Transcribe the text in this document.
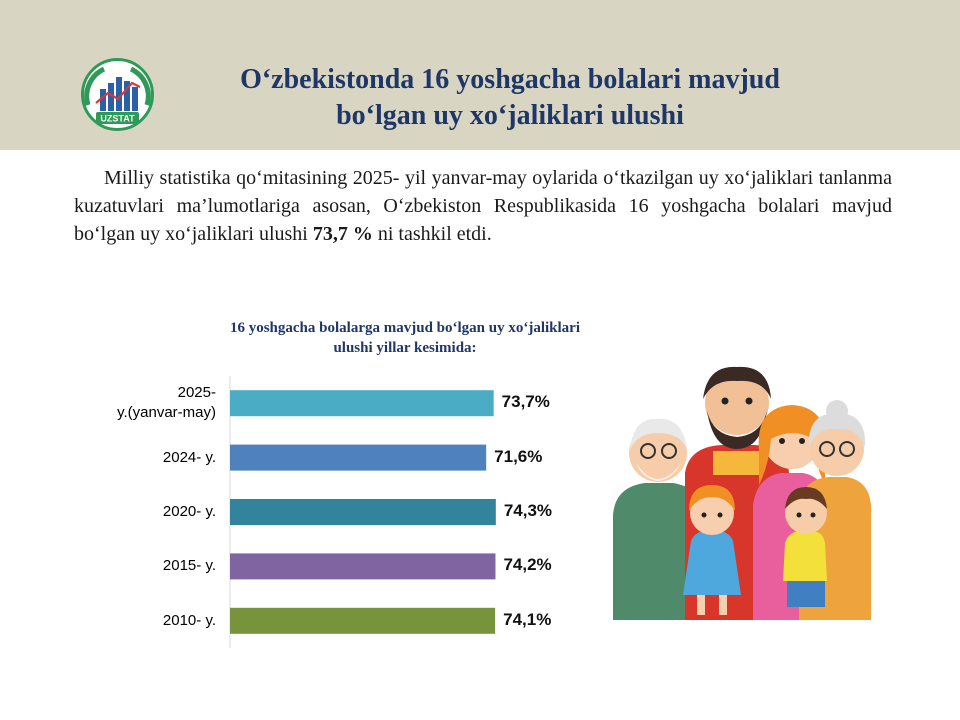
UZSTAT
O‘zbekistonda 16 yoshgacha bolalari mavjud
bo‘lgan uy xo‘jaliklari ulushi
Milliy statistika qo‘mitasining 2025- yil yanvar-may oylarida o‘tkazilgan uy xo‘jaliklari tanlanma kuzatuvlari ma’lumotlariga asosan, O‘zbekiston Respublikasida 16 yoshgacha bolalari mavjud bo‘lgan uy xo‘jaliklari ulushi 73,7 % ni tashkil etdi.
16 yoshgacha bolalarga mavjud bo‘lgan uy xo‘jaliklari
ulushi yillar kesimida:
73,7%
2025-
y.(yanvar-may)
71,6%
2024- y.
74,3%
2020- y.
74,2%
2015- y.
74,1%
2010- y.
